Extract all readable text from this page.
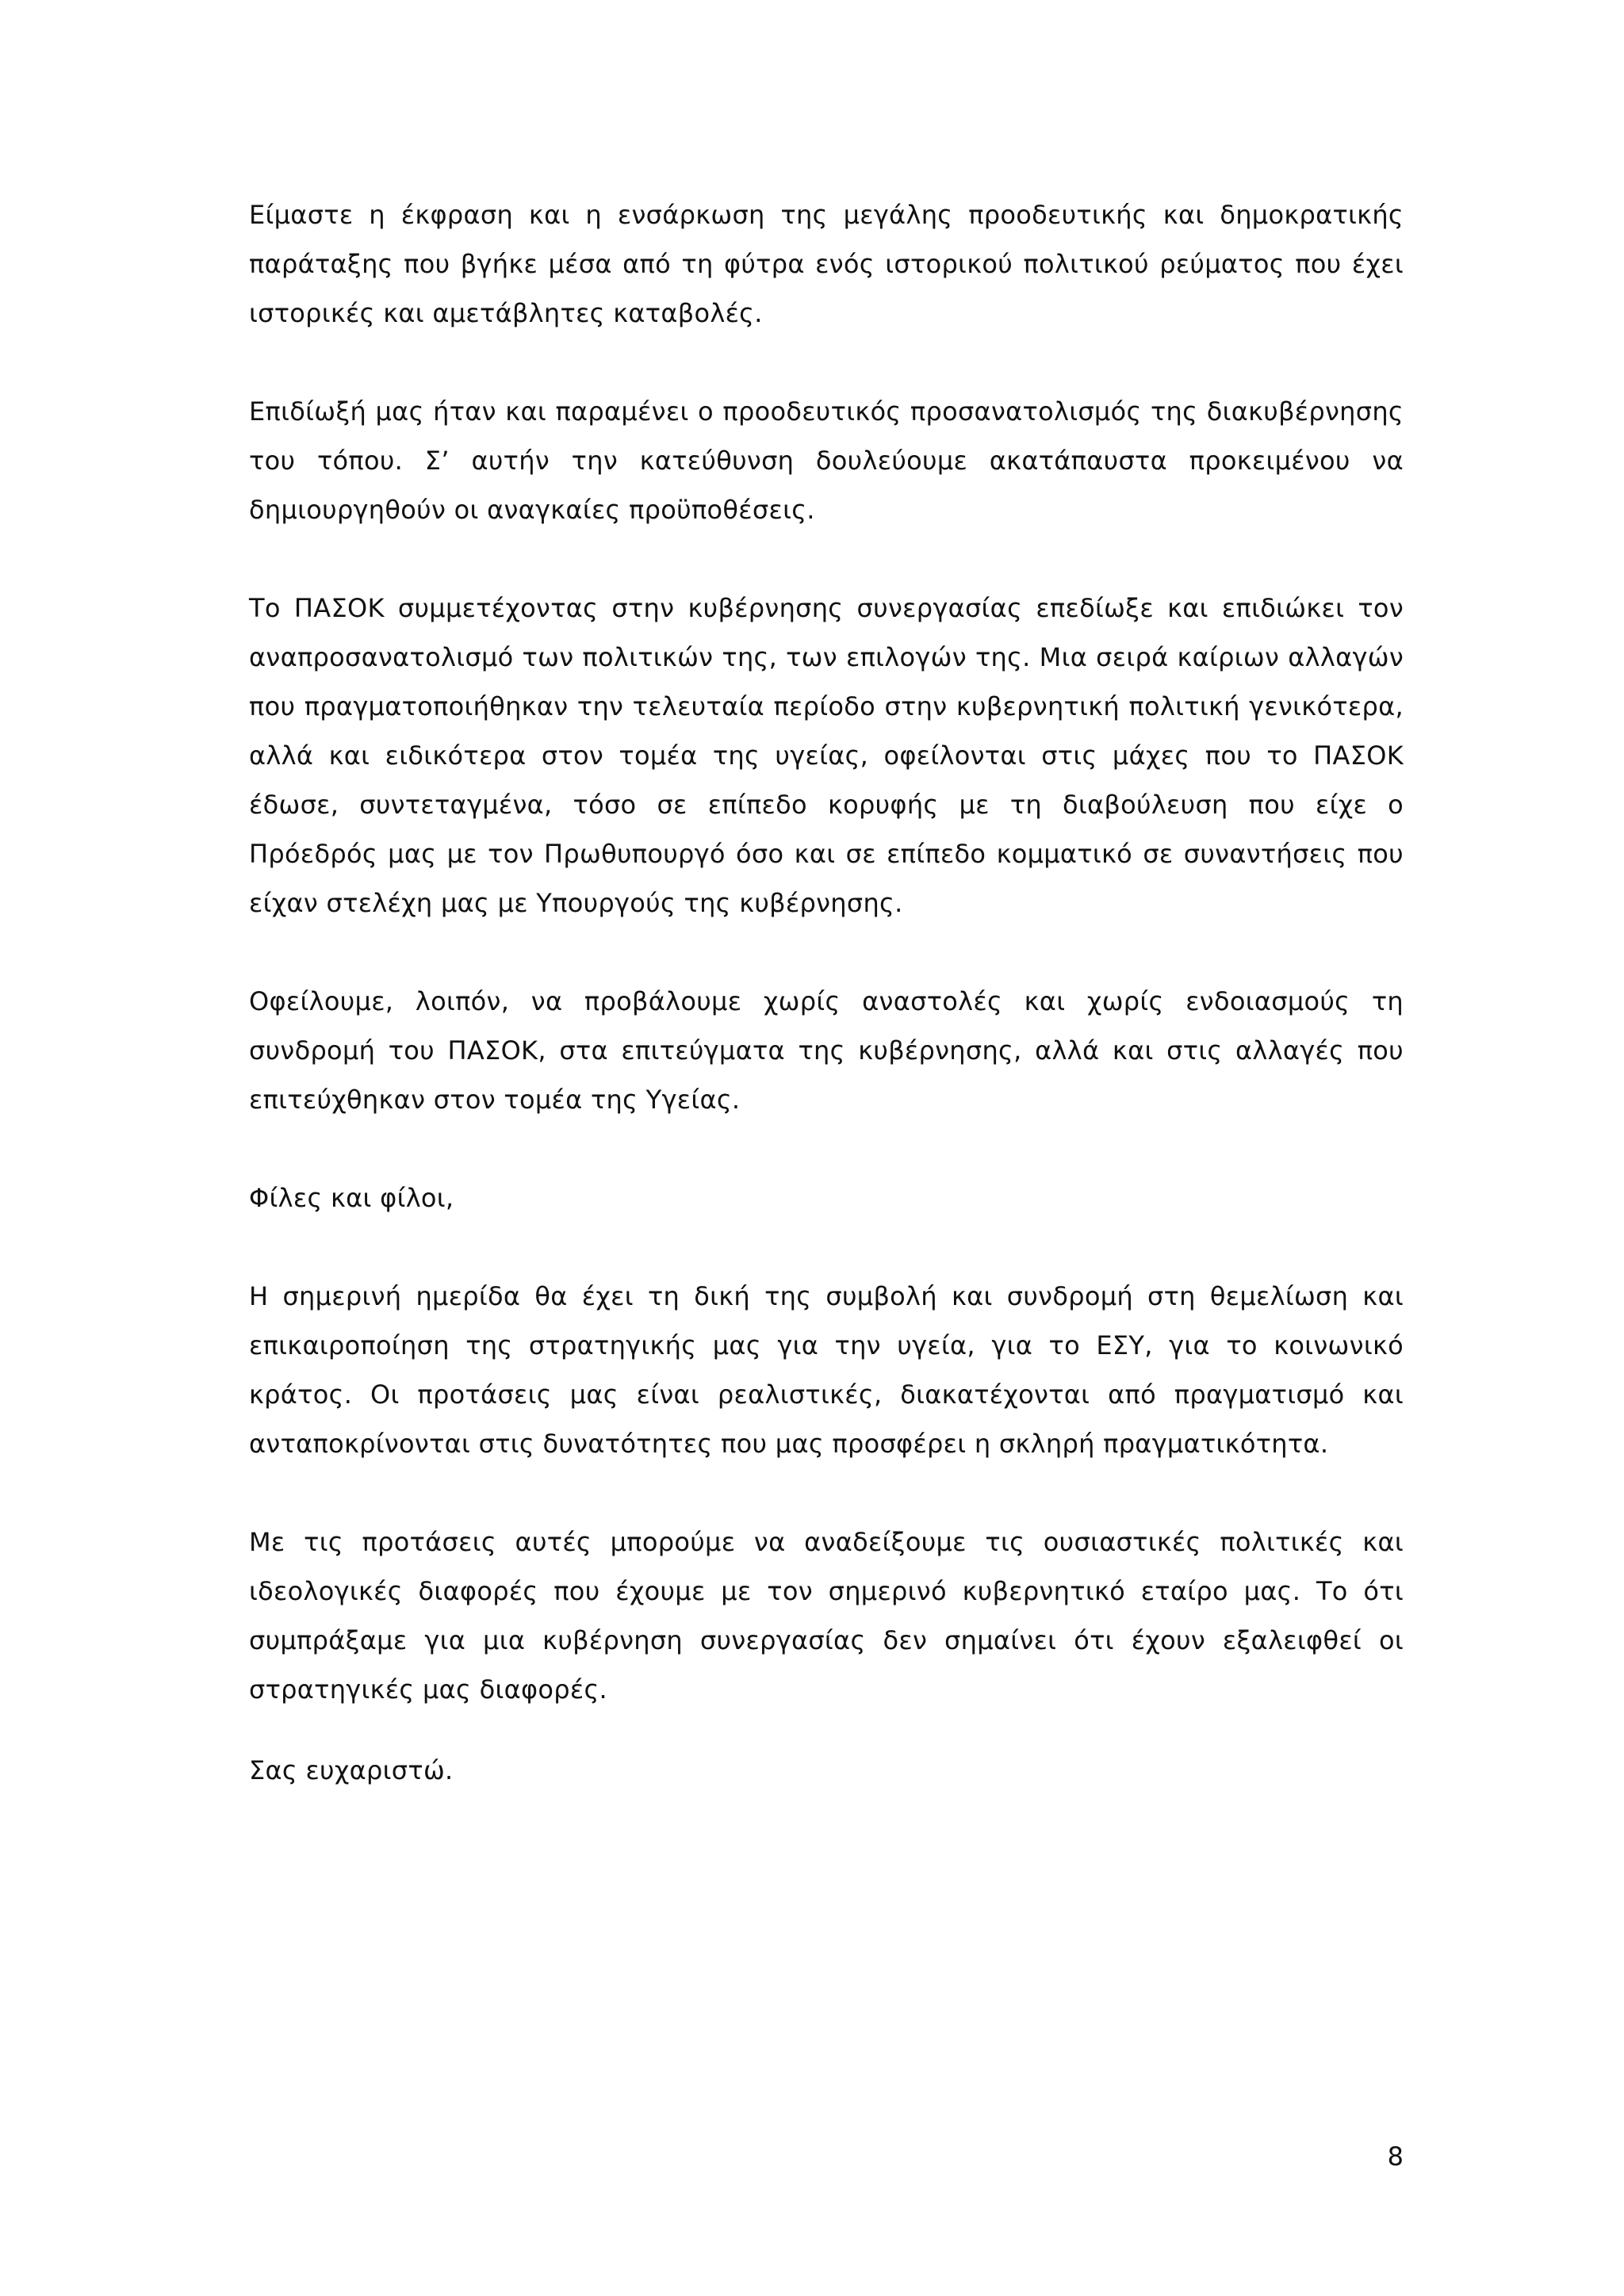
Είμαστε η έκφραση και η ενσάρκωση της μεγάλης προοδευτικής και δημοκρατικής παράταξης που βγήκε μέσα από τη φύτρα ενός ιστορικού πολιτικού ρεύματος που έχει ιστορικές και αμετάβλητες καταβολές.

Επιδίωξή μας ήταν και παραμένει ο προοδευτικός προσανατολισμός της διακυβέρνησης του τόπου. Σ’ αυτήν την κατεύθυνση δουλεύουμε ακατάπαυστα προκειμένου να δημιουργηθούν οι αναγκαίες προϋποθέσεις.

Το ΠΑΣΟΚ συμμετέχοντας στην κυβέρνησης συνεργασίας επεδίωξε και επιδιώκει τον αναπροσανατολισμό των πολιτικών της, των επιλογών της. Μια σειρά καίριων αλλαγών που πραγματοποιήθηκαν την τελευταία περίοδο στην κυβερνητική πολιτική γενικότερα, αλλά και ειδικότερα στον τομέα της υγείας, οφείλονται στις μάχες που το ΠΑΣΟΚ έδωσε, συντεταγμένα, τόσο σε επίπεδο κορυφής με τη διαβούλευση που είχε ο Πρόεδρός μας με τον Πρωθυπουργό όσο και σε επίπεδο κομματικό σε συναντήσεις που είχαν στελέχη μας με Υπουργούς της κυβέρνησης.

Οφείλουμε, λοιπόν, να προβάλουμε χωρίς αναστολές και χωρίς ενδοιασμούς τη συνδρομή του ΠΑΣΟΚ, στα επιτεύγματα της κυβέρνησης, αλλά και στις αλλαγές που επιτεύχθηκαν στον τομέα της Υγείας.

Φίλες και φίλοι,

Η σημερινή ημερίδα θα έχει τη δική της συμβολή και συνδρομή στη θεμελίωση και επικαιροποίηση της στρατηγικής μας για την υγεία, για το ΕΣΥ, για το κοινωνικό κράτος. Οι προτάσεις μας είναι ρεαλιστικές, διακατέχονται από πραγματισμό και ανταποκρίνονται στις δυνατότητες που μας προσφέρει η σκληρή πραγματικότητα.

Με τις προτάσεις αυτές μπορούμε να αναδείξουμε τις ουσιαστικές πολιτικές και ιδεολογικές διαφορές που έχουμε με τον σημερινό κυβερνητικό εταίρο μας. Το ότι συμπράξαμε για μια κυβέρνηση συνεργασίας δεν σημαίνει ότι έχουν εξαλειφθεί οι στρατηγικές μας διαφορές.

Σας ευχαριστώ.

8
